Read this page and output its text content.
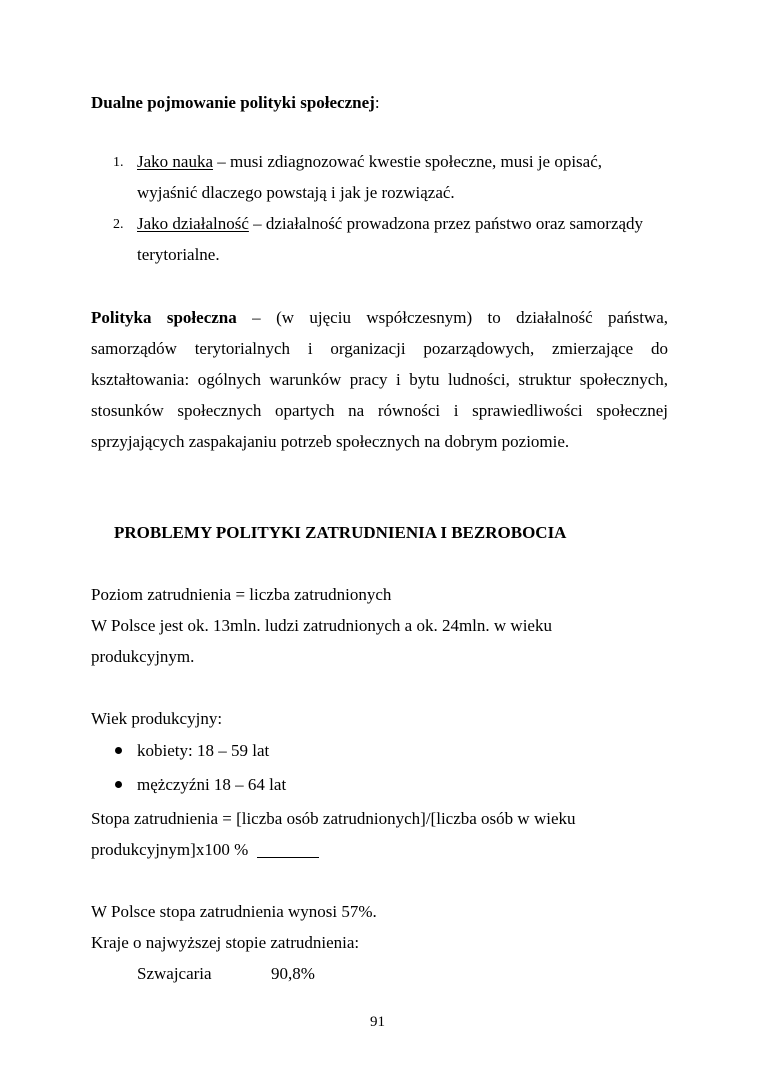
Dualne pojmowanie polityki społecznej:
1. Jako nauka – musi zdiagnozować kwestie społeczne, musi je opisać,
wyjaśnić dlaczego powstają i jak je rozwiązać.
2. Jako działalność – działalność prowadzona przez państwo oraz samorządy
terytorialne.
Polityka społeczna – (w ujęciu współczesnym) to działalność państwa,
samorządów terytorialnych i organizacji pozarządowych, zmierzające do
kształtowania: ogólnych warunków pracy i bytu ludności, struktur społecznych,
stosunków społecznych opartych na równości i sprawiedliwości społecznej
sprzyjających zaspakajaniu potrzeb społecznych na dobrym poziomie.
PROBLEMY POLITYKI ZATRUDNIENIA I BEZROBOCIA
Poziom zatrudnienia = liczba zatrudnionych
W Polsce jest ok. 13mln. ludzi zatrudnionych a ok. 24mln. w wieku
produkcyjnym.
Wiek produkcyjny:
kobiety: 18 – 59 lat
mężczyźni 18 – 64 lat
Stopa zatrudnienia = [liczba osób zatrudnionych]/[liczba osób w wieku
produkcyjnym]x100 %
W Polsce stopa zatrudnienia wynosi 57%.
Kraje o najwyższej stopie zatrudnienia:
Szwajcaria	90,8%
91
